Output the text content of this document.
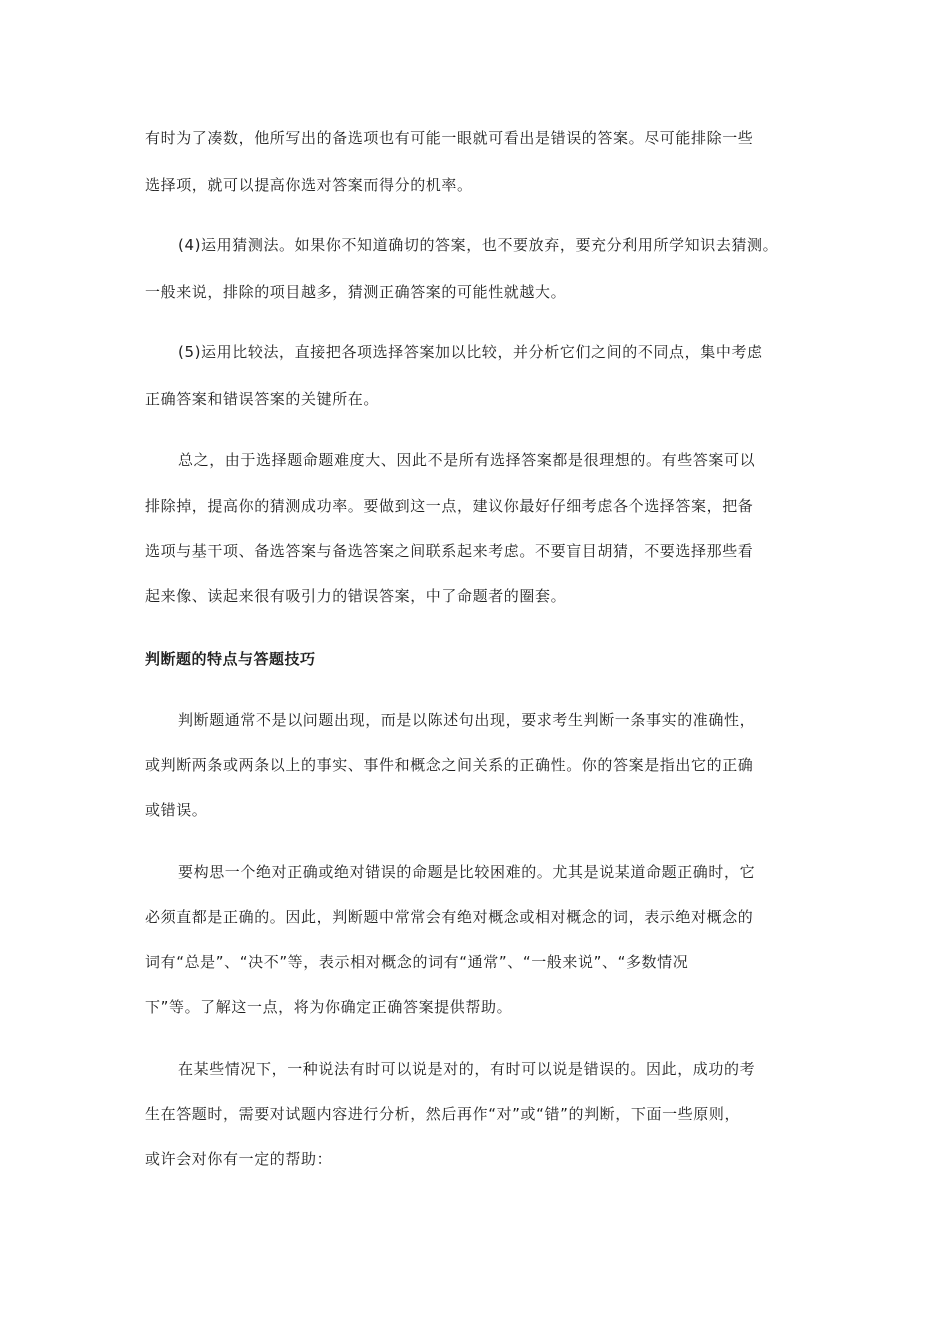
有时为了凑数，他所写出的备选项也有可能一眼就可看出是错误的答案。尽可能排除一些

选择项，就可以提高你选对答案而得分的机率。

(4)运用猜测法。如果你不知道确切的答案，也不要放弃，要充分利用所学知识去猜测。

一般来说，排除的项目越多，猜测正确答案的可能性就越大。

(5)运用比较法，直接把各项选择答案加以比较，并分析它们之间的不同点，集中考虑

正确答案和错误答案的关键所在。

总之，由于选择题命题难度大、因此不是所有选择答案都是很理想的。有些答案可以

排除掉，提高你的猜测成功率。要做到这一点，建议你最好仔细考虑各个选择答案，把备

选项与基干项、备选答案与备选答案之间联系起来考虑。不要盲目胡猜，不要选择那些看

起来像、读起来很有吸引力的错误答案，中了命题者的圈套。

判断题的特点与答题技巧

判断题通常不是以问题出现，而是以陈述句出现，要求考生判断一条事实的准确性，

或判断两条或两条以上的事实、事件和概念之间关系的正确性。你的答案是指出它的正确

或错误。

要构思一个绝对正确或绝对错误的命题是比较困难的。尤其是说某道命题正确时，它

必须直都是正确的。因此，判断题中常常会有绝对概念或相对概念的词，表示绝对概念的

词有“总是”、“决不”等，表示相对概念的词有“通常”、“一般来说”、“多数情况

下”等。了解这一点，将为你确定正确答案提供帮助。

在某些情况下，一种说法有时可以说是对的，有时可以说是错误的。因此，成功的考

生在答题时，需要对试题内容进行分析，然后再作“对”或“错”的判断，下面一些原则，

或许会对你有一定的帮助：
